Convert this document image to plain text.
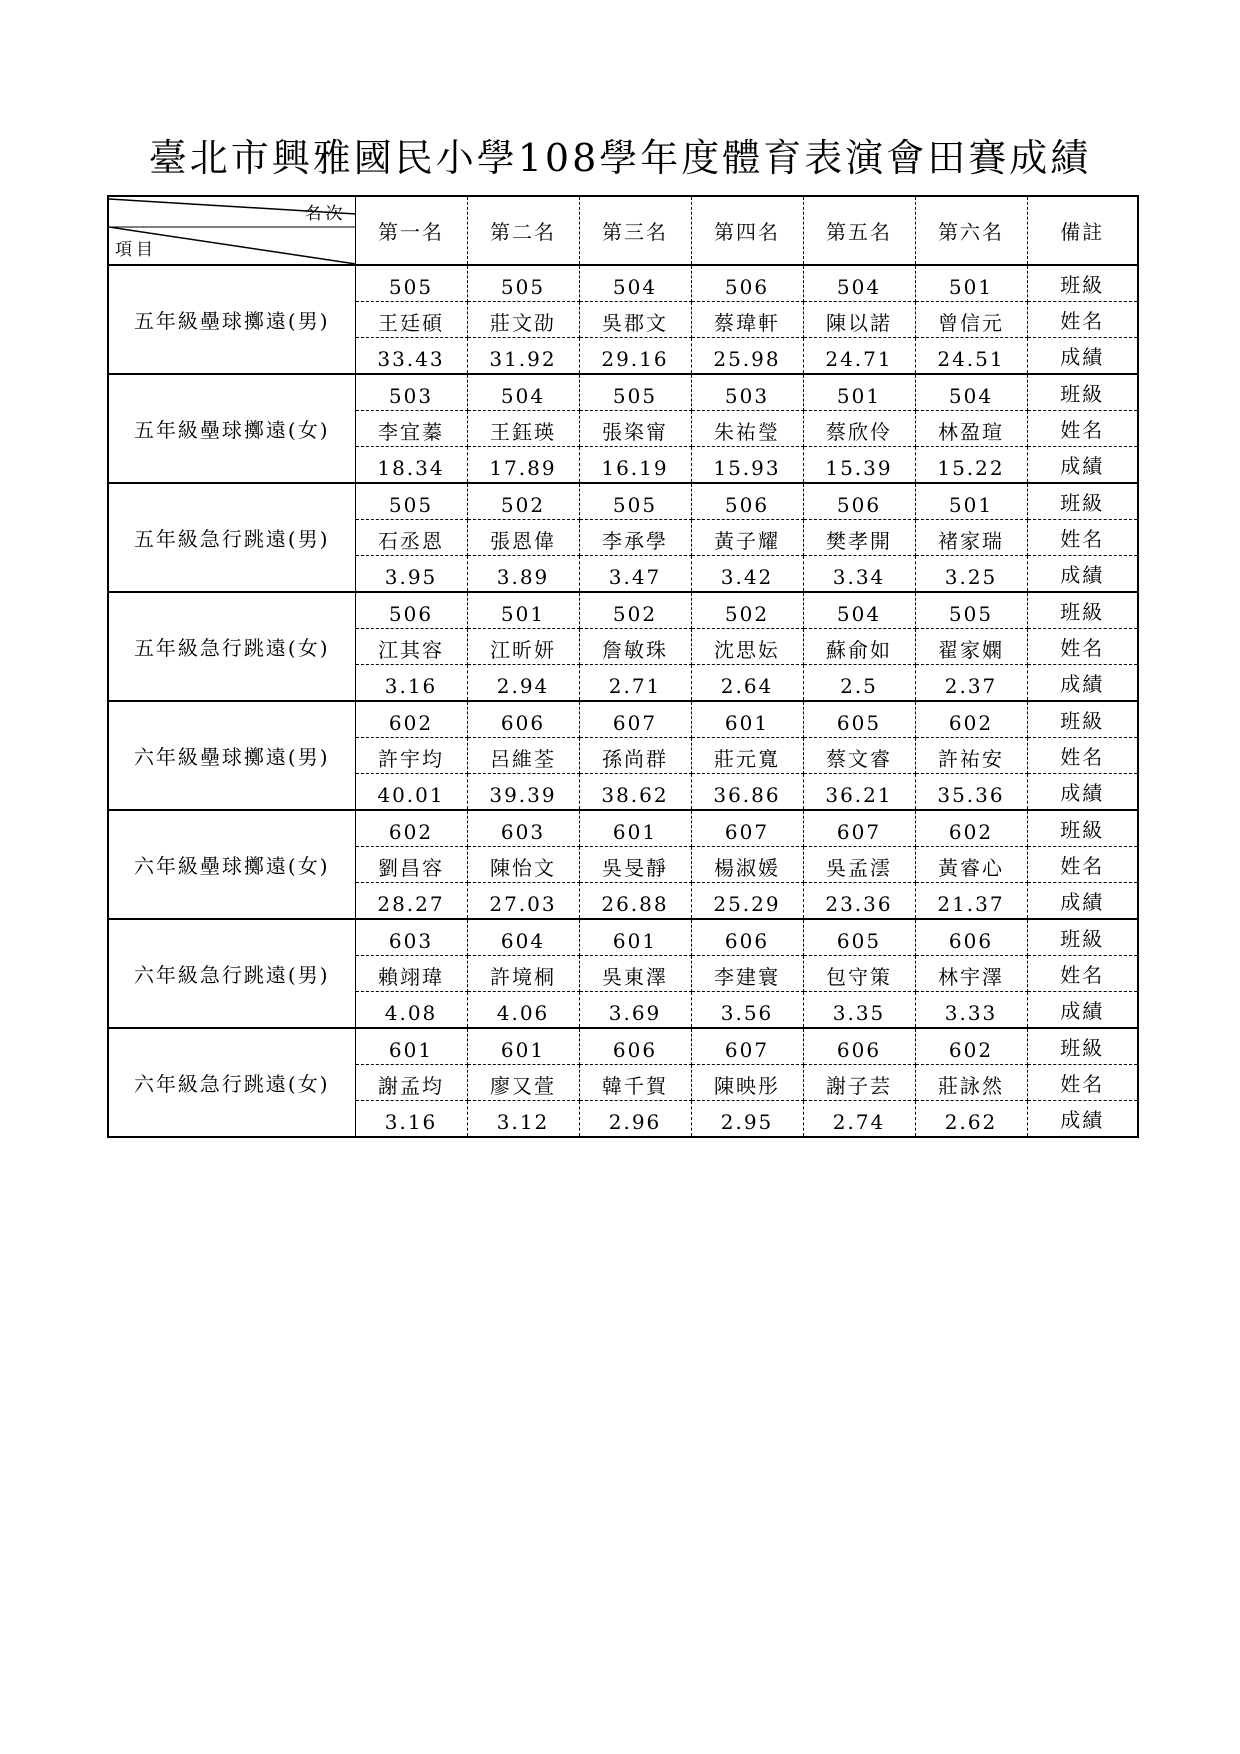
臺北市興雅國民小學108學年度體育表演會田賽成績
名次
項目	第一名	第二名	第三名	第四名	第五名	第六名	備註
五年級壘球擲遠(男)	505	505	504	506	504	501	班級
	王廷碩	莊文劭	吳郡文	蔡瑋軒	陳以諾	曾信元	姓名
	33.43	31.92	29.16	25.98	24.71	24.51	成績
五年級壘球擲遠(女)	503	504	505	503	501	504	班級
	李宜蓁	王鈺瑛	張栥甯	朱祐瑩	蔡欣伶	林盈瑄	姓名
	18.34	17.89	16.19	15.93	15.39	15.22	成績
五年級急行跳遠(男)	505	502	505	506	506	501	班級
	石丞恩	張恩偉	李承學	黃子耀	樊孝開	褚家瑞	姓名
	3.95	3.89	3.47	3.42	3.34	3.25	成績
五年級急行跳遠(女)	506	501	502	502	504	505	班級
	江其容	江昕妍	詹敏珠	沈思妘	蘇俞如	翟家嫻	姓名
	3.16	2.94	2.71	2.64	2.5	2.37	成績
六年級壘球擲遠(男)	602	606	607	601	605	602	班級
	許宇均	呂維荃	孫尚群	莊元寬	蔡文睿	許祐安	姓名
	40.01	39.39	38.62	36.86	36.21	35.36	成績
六年級壘球擲遠(女)	602	603	601	607	607	602	班級
	劉昌容	陳怡文	吳旻靜	楊淑媛	吳孟澐	黃睿心	姓名
	28.27	27.03	26.88	25.29	23.36	21.37	成績
六年級急行跳遠(男)	603	604	601	606	605	606	班級
	賴翊瑋	許境桐	吳東澤	李建寰	包守策	林宇澤	姓名
	4.08	4.06	3.69	3.56	3.35	3.33	成績
六年級急行跳遠(女)	601	601	606	607	606	602	班級
	謝孟均	廖又萱	韓千賀	陳映彤	謝子芸	莊詠然	姓名
	3.16	3.12	2.96	2.95	2.74	2.62	成績
